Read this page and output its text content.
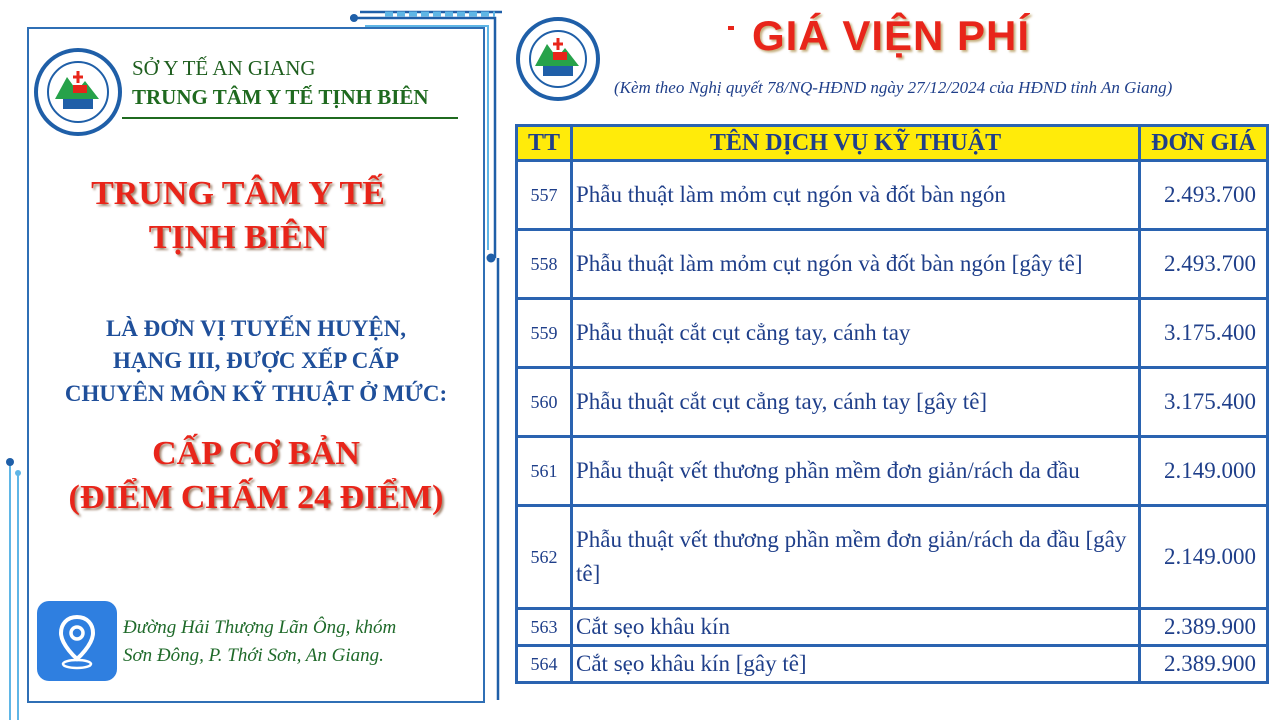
SỞ Y TẾ AN GIANG
TRUNG TÂM Y TẾ TỊNH BIÊN
TRUNG TÂM Y TẾ
TỊNH BIÊN
LÀ ĐƠN VỊ TUYẾN HUYỆN,
HẠNG III, ĐƯỢC XẾP CẤP
CHUYÊN MÔN KỸ THUẬT Ở MỨC:
CẤP CƠ BẢN
(ĐIỂM CHẤM 24 ĐIỂM)
Đường Hải Thượng Lãn Ông, khóm
Sơn Đông, P. Thới Sơn, An Giang.
GIÁ VIỆN PHÍ
(Kèm theo Nghị quyết 78/NQ-HĐND ngày 27/12/2024 của HĐND tỉnh An Giang)
TT	TÊN DỊCH VỤ KỸ THUẬT	ĐƠN GIÁ
557	Phẫu thuật làm mỏm cụt ngón và đốt bàn ngón	2.493.700
558	Phẫu thuật làm mỏm cụt ngón và đốt bàn ngón [gây tê]	2.493.700
559	Phẫu thuật cắt cụt cẳng tay, cánh tay	3.175.400
560	Phẫu thuật cắt cụt cẳng tay, cánh tay [gây tê]	3.175.400
561	Phẫu thuật vết thương phần mềm đơn giản/rách da đầu	2.149.000
562	Phẫu thuật vết thương phần mềm đơn giản/rách da đầu [gây tê]	2.149.000
563	Cắt sẹo khâu kín	2.389.900
564	Cắt sẹo khâu kín [gây tê]	2.389.900
